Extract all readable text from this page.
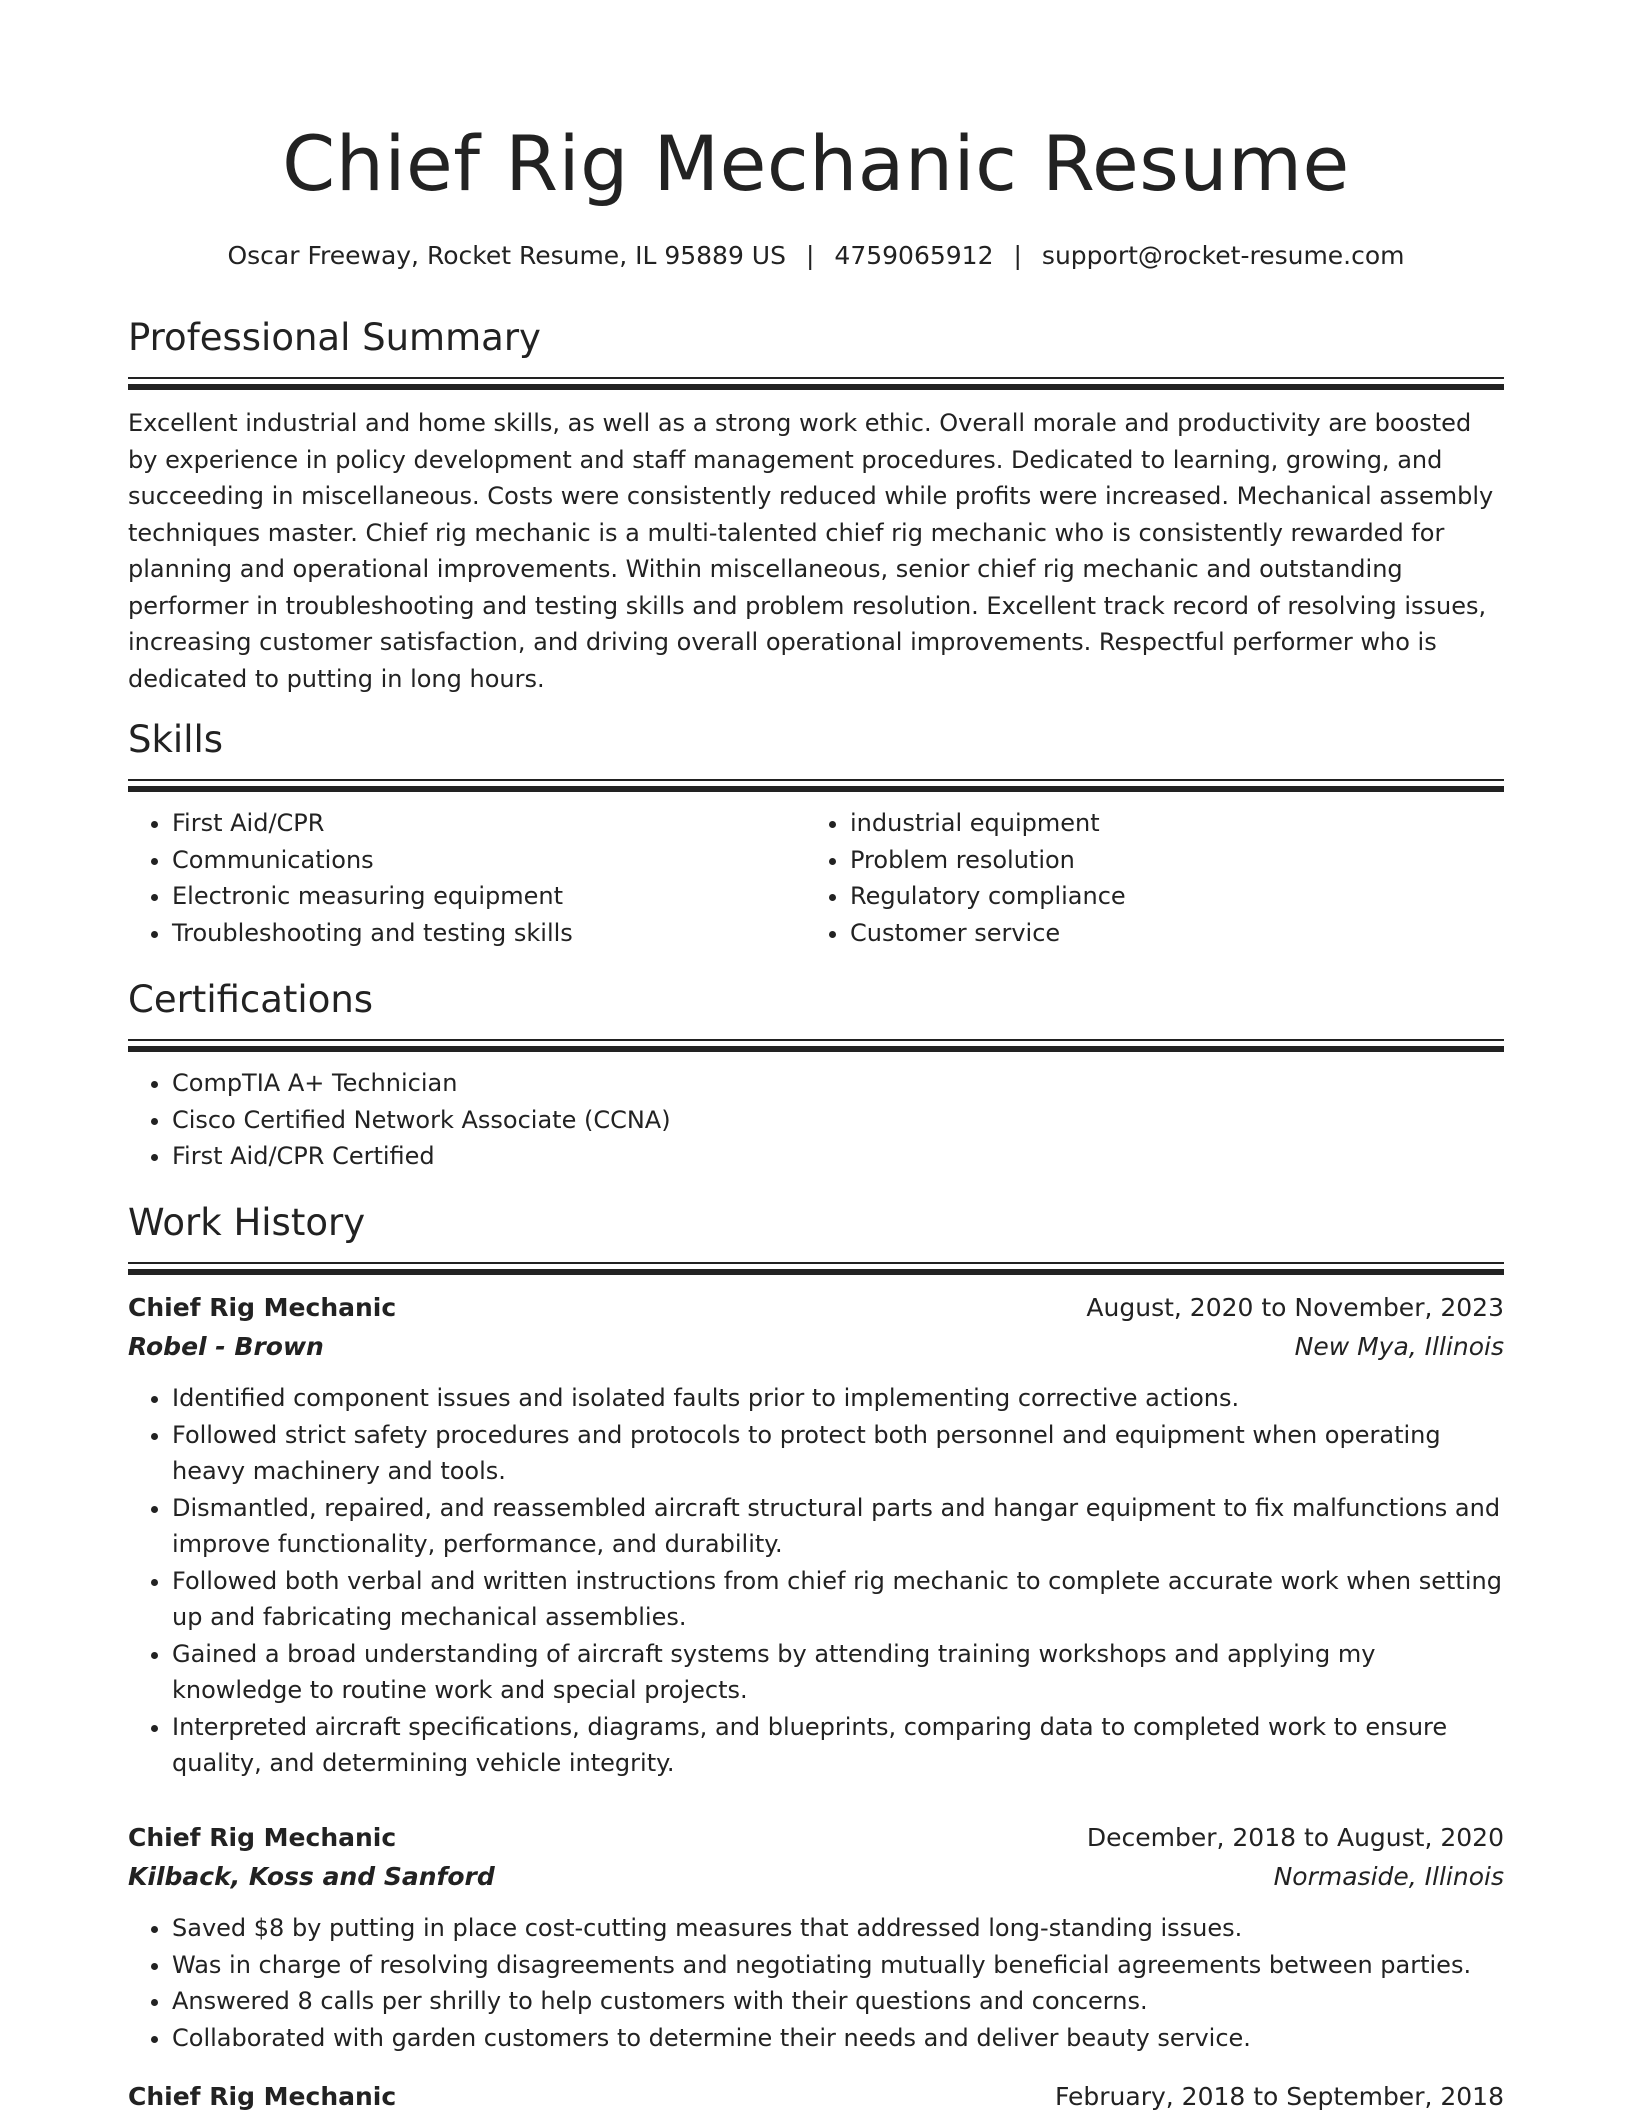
Chief Rig Mechanic Resume
Oscar Freeway, Rocket Resume, IL 95889 US | 4759065912 | support@rocket-resume.com
Professional Summary
Excellent industrial and home skills, as well as a strong work ethic. Overall morale and productivity are boosted by experience in policy development and staff management procedures. Dedicated to learning, growing, and succeeding in miscellaneous. Costs were consistently reduced while profits were increased. Mechanical assembly techniques master. Chief rig mechanic is a multi-talented chief rig mechanic who is consistently rewarded for planning and operational improvements. Within miscellaneous, senior chief rig mechanic and outstanding performer in troubleshooting and testing skills and problem resolution. Excellent track record of resolving issues, increasing customer satisfaction, and driving overall operational improvements. Respectful performer who is dedicated to putting in long hours.
Skills
• First Aid/CPR
• Communications
• Electronic measuring equipment
• Troubleshooting and testing skills
• industrial equipment
• Problem resolution
• Regulatory compliance
• Customer service
Certifications
• CompTIA A+ Technician
• Cisco Certified Network Associate (CCNA)
• First Aid/CPR Certified
Work History
Chief Rig Mechanic	August, 2020 to November, 2023
Robel - Brown	New Mya, Illinois
• Identified component issues and isolated faults prior to implementing corrective actions.
• Followed strict safety procedures and protocols to protect both personnel and equipment when operating heavy machinery and tools.
• Dismantled, repaired, and reassembled aircraft structural parts and hangar equipment to fix malfunctions and improve functionality, performance, and durability.
• Followed both verbal and written instructions from chief rig mechanic to complete accurate work when setting up and fabricating mechanical assemblies.
• Gained a broad understanding of aircraft systems by attending training workshops and applying my knowledge to routine work and special projects.
• Interpreted aircraft specifications, diagrams, and blueprints, comparing data to completed work to ensure quality, and determining vehicle integrity.
Chief Rig Mechanic	December, 2018 to August, 2020
Kilback, Koss and Sanford	Normaside, Illinois
• Saved $8 by putting in place cost-cutting measures that addressed long-standing issues.
• Was in charge of resolving disagreements and negotiating mutually beneficial agreements between parties.
• Answered 8 calls per shrilly to help customers with their questions and concerns.
• Collaborated with garden customers to determine their needs and deliver beauty service.
Chief Rig Mechanic	February, 2018 to September, 2018
